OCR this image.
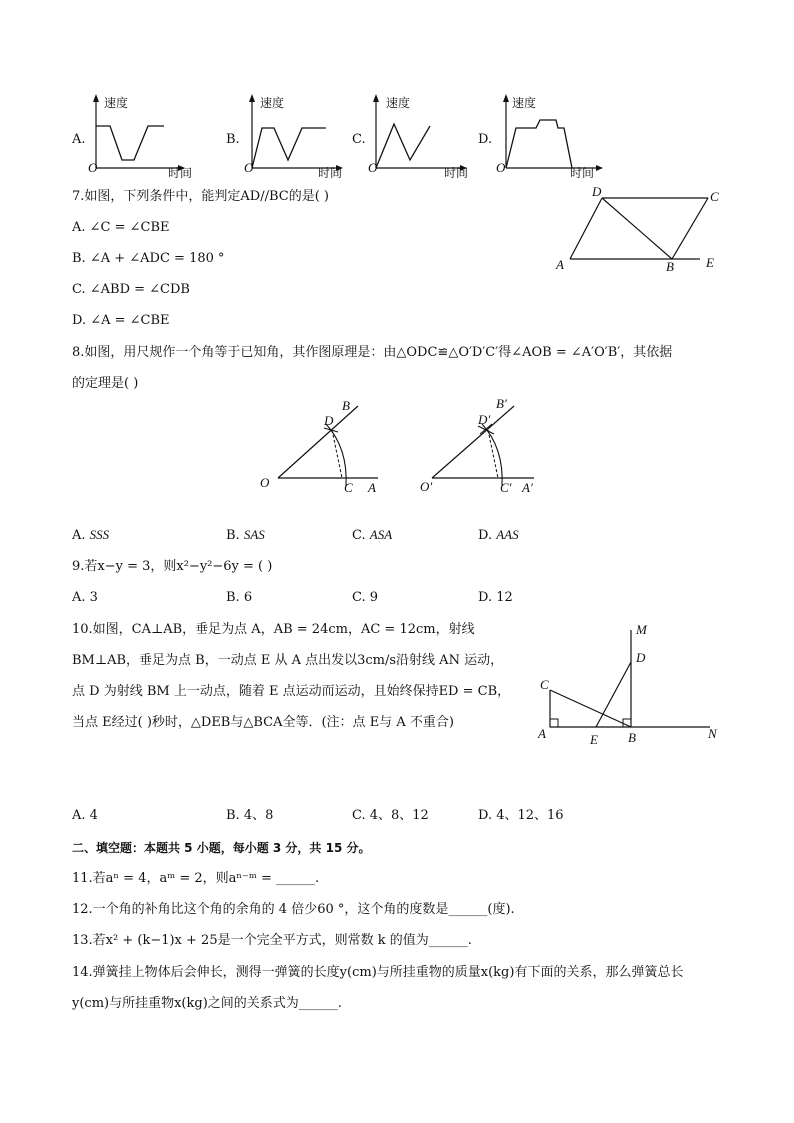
A.
速度
时间
O
B.
速度
时间
O
C.
速度
时间
O
D.
速度
时间
O
7.如图，下列条件中，能判定AD//BC的是( )
A. ∠C = ∠CBE
B. ∠A + ∠ADC = 180 °
C. ∠ABD = ∠CDB
D. ∠A = ∠CBE
D	C
A	B E
8.如图，用尺规作一个角等于已知角，其作图原理是：由△ODC≌△O′D′C′得∠AOB = ∠A′O′B′，其依据
的定理是( )
B
D
O	C A
B′
D′
O′	C′ A′
A. SSS	B. SAS	C. ASA	D. AAS
9.若x−y = 3，则x²−y²−6y = ( )
A. 3	B. 6	C. 9	D. 12
10.如图，CA⊥AB，垂足为点 A，AB = 24cm，AC = 12cm，射线
BM⊥AB，垂足为点 B，一动点 E 从 A 点出发以3cm/s沿射线 AN 运动，
点 D 为射线 BM 上一动点，随着 E 点运动而运动，且始终保持ED = CB，
当点 E经过( )秒时，△DEB与△BCA全等．(注：点 E与 A 不重合)
M
D
C
A	E B	N
A. 4	B. 4、8	C. 4、8、12	D. 4、12、16
二、填空题：本题共 5 小题，每小题 3 分，共 15 分。
11.若aⁿ = 4，aᵐ = 2，则aⁿ⁻ᵐ = ______.
12.一个角的补角比这个角的余角的 4 倍少60 °，这个角的度数是______(度).
13.若x² + (k−1)x + 25是一个完全平方式，则常数 k 的值为______.
14.弹簧挂上物体后会伸长，测得一弹簧的长度y(cm)与所挂重物的质量x(kg)有下面的关系，那么弹簧总长
y(cm)与所挂重物x(kg)之间的关系式为______.
